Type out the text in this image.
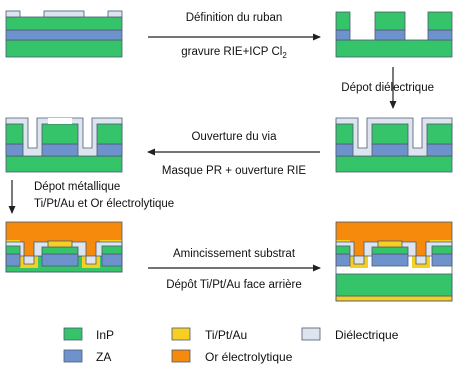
Définition du ruban
gravure RIE+ICP $Cl_2$
Dépot diélectrique
Ouverture du via
Masque PR + ouverture RIE
Dépot métallique
Ti/Pt/Au et Or électrolytique
Amincissement substrat
Dépôt Ti/Pt/Au face arrière
InP
ZA
Ti/Pt/Au
Or électrolytique
Diélectrique
